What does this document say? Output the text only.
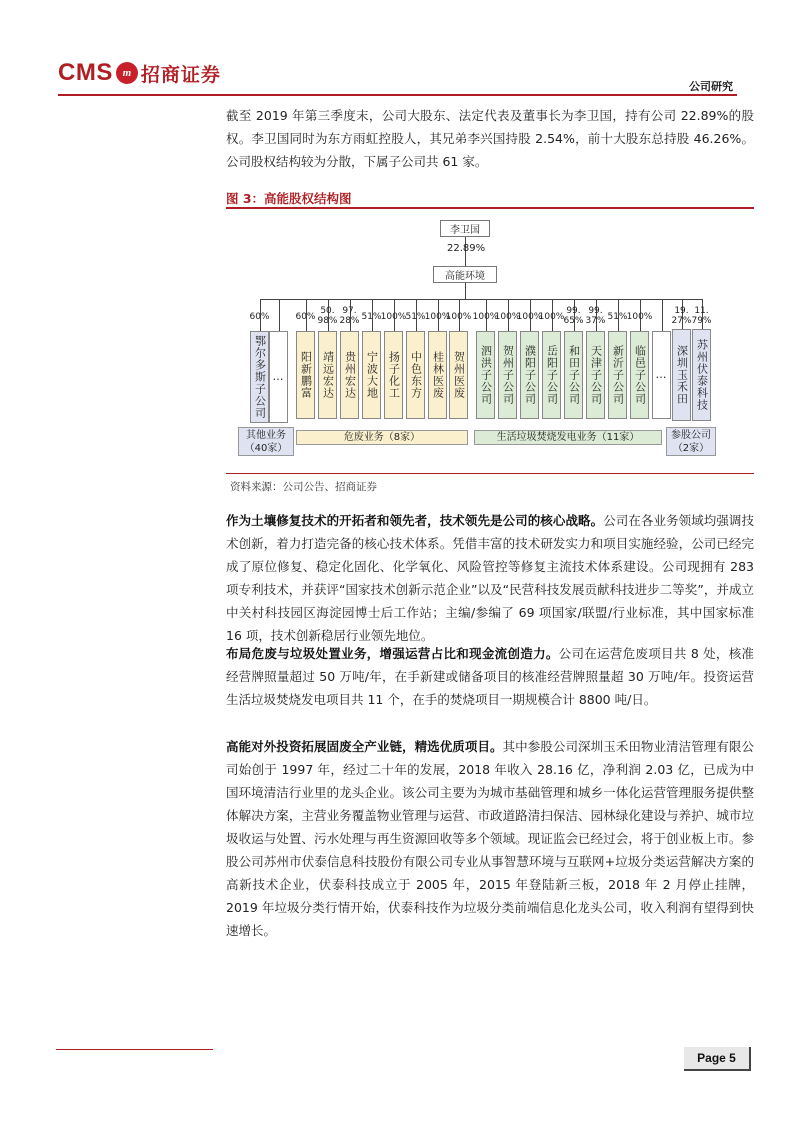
CMS m 招商证券
公司研究
截至 2019 年第三季度末，公司大股东、法定代表及董事长为李卫国，持有公司 22.89%的股权。李卫国同时为东方雨虹控股人，其兄弟李兴国持股 2.54%，前十大股东总持股 46.26%。公司股权结构较为分散，下属子公司共 61 家。
图 3：高能股权结构图
李卫国
22.89%
高能环境
60%
鄂尔多斯子公司 …
60%
阳新鹏富
50.
98%
靖远宏达
97.
28%
贵州宏达
51%
宁波大地
100%
扬子化工
51%
中色东方
100%
桂林医废
100%
贺州医废
100%
泗洪子公司
100%
贺州子公司
100%
濮阳子公司
100%
岳阳子公司
99.
65%
和田子公司
99.
37%
天津子公司
51%
新沂子公司
100%
临邑子公司 …
19.
27%
深圳玉禾田
11.
79%
苏州伏泰科技
其他业务
（40家）
危废业务（8家）	生活垃圾焚烧发电业务（11家）	参股公司
（2家）
资料来源：公司公告、招商证券
作为土壤修复技术的开拓者和领先者，技术领先是公司的核心战略。公司在各业务领域均强调技术创新，着力打造完备的核心技术体系。凭借丰富的技术研发实力和项目实施经验，公司已经完成了原位修复、稳定化固化、化学氧化、风险管控等修复主流技术体系建设。公司现拥有 283 项专利技术，并获评“国家技术创新示范企业”以及“民营科技发展贡献科技进步二等奖”，并成立中关村科技园区海淀园博士后工作站；主编/参编了 69 项国家/联盟/行业标准，其中国家标准 16 项，技术创新稳居行业领先地位。
布局危废与垃圾处置业务，增强运营占比和现金流创造力。公司在运营危废项目共 8 处，核准经营牌照量超过 50 万吨/年，在手新建或储备项目的核准经营牌照量超 30 万吨/年。投资运营生活垃圾焚烧发电项目共 11 个，在手的焚烧项目一期规模合计 8800 吨/日。
高能对外投资拓展固废全产业链，精选优质项目。其中参股公司深圳玉禾田物业清洁管理有限公司始创于 1997 年，经过二十年的发展，2018 年收入 28.16 亿，净利润 2.03 亿，已成为中国环境清洁行业里的龙头企业。该公司主要为为城市基础管理和城乡一体化运营管理服务提供整体解决方案，主营业务覆盖物业管理与运营、市政道路清扫保洁、园林绿化建设与养护、城市垃圾收运与处置、污水处理与再生资源回收等多个领域。现证监会已经过会，将于创业板上市。参股公司苏州市伏泰信息科技股份有限公司专业从事智慧环境与互联网+垃圾分类运营解决方案的高新技术企业，伏泰科技成立于 2005 年，2015 年登陆新三板，2018 年 2 月停止挂牌，2019 年垃圾分类行情开始，伏泰科技作为垃圾分类前端信息化龙头公司，收入利润有望得到快速增长。
Page 5
